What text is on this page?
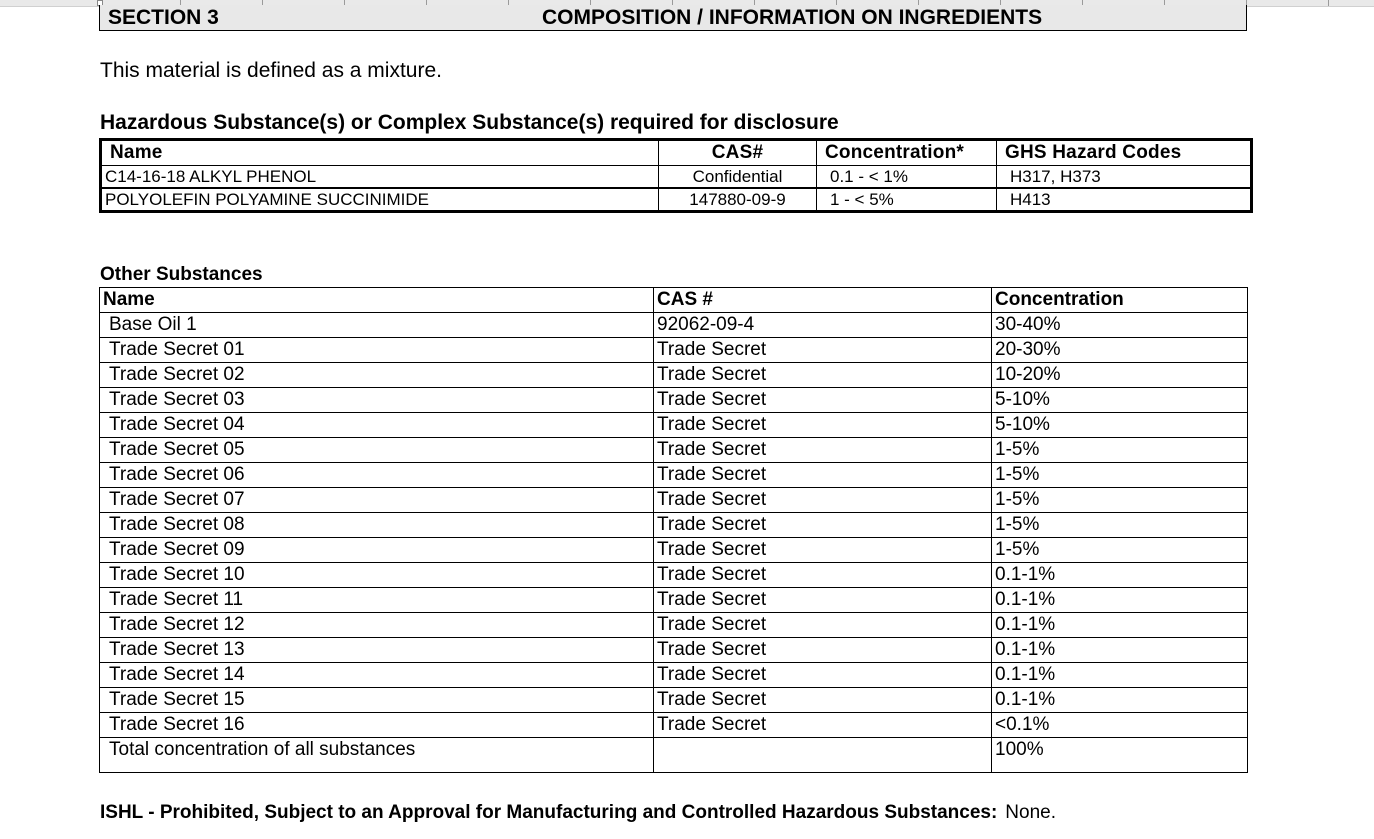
SECTION 3	COMPOSITION / INFORMATION ON INGREDIENTS
This material is defined as a mixture.
Hazardous Substance(s) or Complex Substance(s) required for disclosure
Name	CAS#	Concentration*	GHS Hazard Codes
C14-16-18 ALKYL PHENOL	Confidential	0.1 - < 1%	H317, H373
POLYOLEFIN POLYAMINE SUCCINIMIDE	147880-09-9	1 - < 5%	H413
Other Substances
Name	CAS #	Concentration
Base Oil 1	92062-09-4	30-40%
Trade Secret 01	Trade Secret	20-30%
Trade Secret 02	Trade Secret	10-20%
Trade Secret 03	Trade Secret	5-10%
Trade Secret 04	Trade Secret	5-10%
Trade Secret 05	Trade Secret	1-5%
Trade Secret 06	Trade Secret	1-5%
Trade Secret 07	Trade Secret	1-5%
Trade Secret 08	Trade Secret	1-5%
Trade Secret 09	Trade Secret	1-5%
Trade Secret 10	Trade Secret	0.1-1%
Trade Secret 11	Trade Secret	0.1-1%
Trade Secret 12	Trade Secret	0.1-1%
Trade Secret 13	Trade Secret	0.1-1%
Trade Secret 14	Trade Secret	0.1-1%
Trade Secret 15	Trade Secret	0.1-1%
Trade Secret 16	Trade Secret	<0.1%
Total concentration of all substances		100%
ISHL - Prohibited, Subject to an Approval for Manufacturing and Controlled Hazardous Substances: None.
